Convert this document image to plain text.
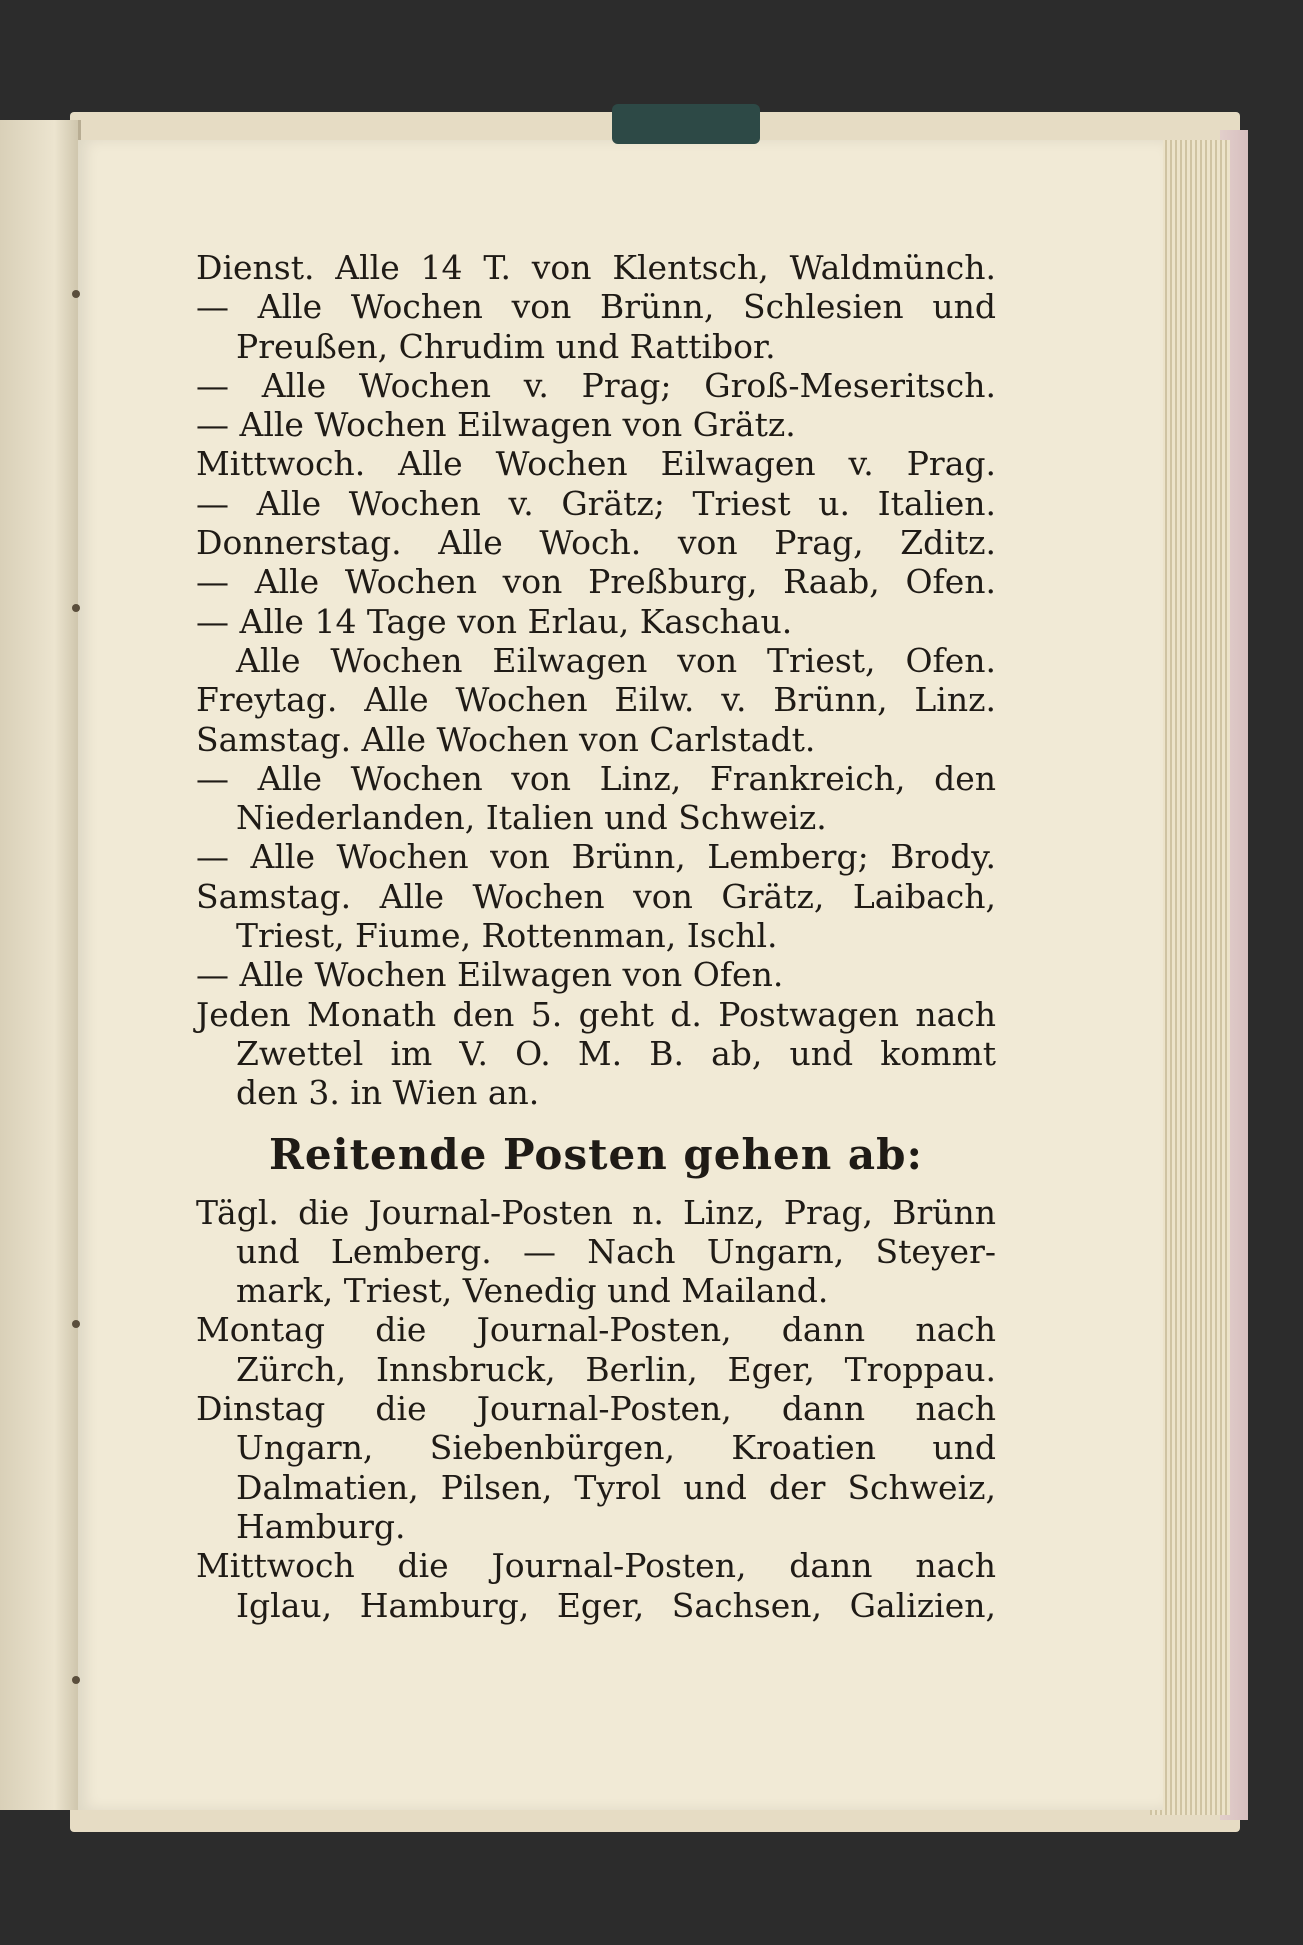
Dienst. Alle 14 T. von Klentsch, Waldmünch.
— Alle Wochen von Brünn, Schlesien und
Preußen, Chrudim und Rattibor.
— Alle Wochen v. Prag; Groß-Meseritsch.
— Alle Wochen Eilwagen von Grätz.
Mittwoch. Alle Wochen Eilwagen v. Prag.
— Alle Wochen v. Grätz; Triest u. Italien.
Donnerstag. Alle Woch. von Prag, Zditz.
— Alle Wochen von Preßburg, Raab, Ofen.
— Alle 14 Tage von Erlau, Kaschau.
Alle Wochen Eilwagen von Triest, Ofen.
Freytag. Alle Wochen Eilw. v. Brünn, Linz.
Samstag. Alle Wochen von Carlstadt.
— Alle Wochen von Linz, Frankreich, den
Niederlanden, Italien und Schweiz.
— Alle Wochen von Brünn, Lemberg; Brody.
Samstag. Alle Wochen von Grätz, Laibach,
Triest, Fiume, Rottenman, Ischl.
— Alle Wochen Eilwagen von Ofen.
Jeden Monath den 5. geht d. Postwagen nach
Zwettel im V. O. M. B. ab, und kommt
den 3. in Wien an.
Reitende Posten gehen ab:
Tägl. die Journal-Posten n. Linz, Prag, Brünn
und Lemberg. — Nach Ungarn, Steyer-
mark, Triest, Venedig und Mailand.
Montag die Journal-Posten, dann nach
Zürch, Innsbruck, Berlin, Eger, Troppau.
Dinstag die Journal-Posten, dann nach
Ungarn, Siebenbürgen, Kroatien und
Dalmatien, Pilsen, Tyrol und der Schweiz,
Hamburg.
Mittwoch die Journal-Posten, dann nach
Iglau, Hamburg, Eger, Sachsen, Galizien,
